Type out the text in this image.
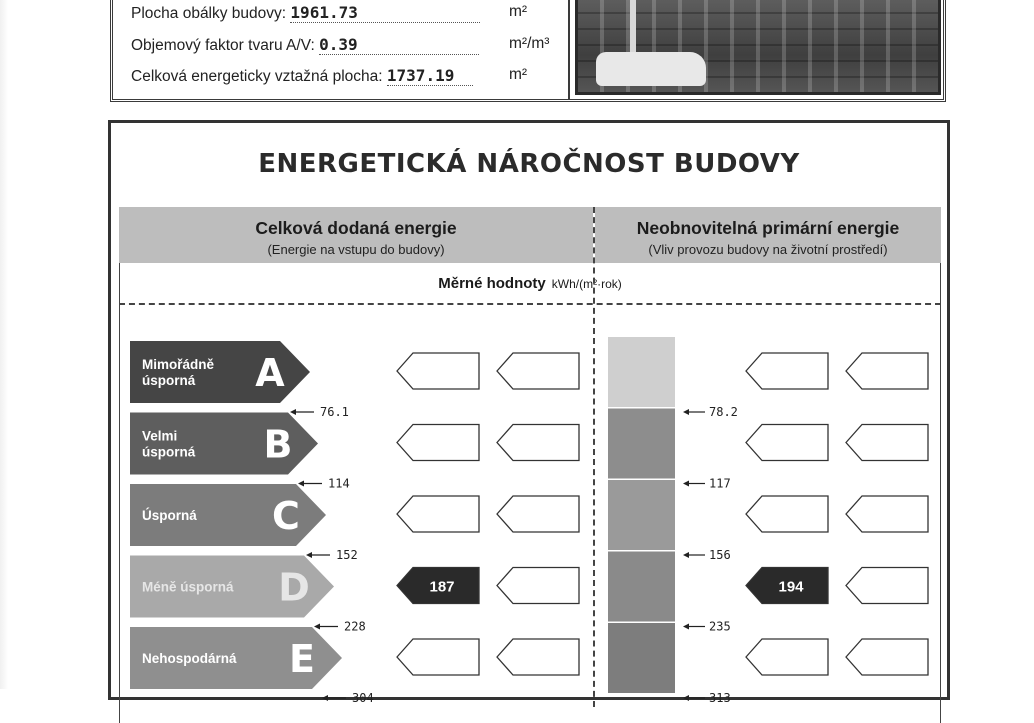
Plocha obálky budovy: 1961.73	m²
Objemový faktor tvaru A/V: 0.39	m²/m³
Celková energeticky vztažná plocha: 1737.19	m²
ENERGETICKÁ NÁROČNOST BUDOVY
Celková dodaná energie
(Energie na vstupu do budovy)
Neobnovitelná primární energie
(Vliv provozu budovy na životní prostředí)
Měrné hodnoty kWh/(m²·rok)
Mimořádně
úsporná A
76.1	78.2
Velmi
úsporná B
114	117
Úsporná C
152	156
Méně úsporná D
228	235
187	194
Nehospodárná E
304	313
